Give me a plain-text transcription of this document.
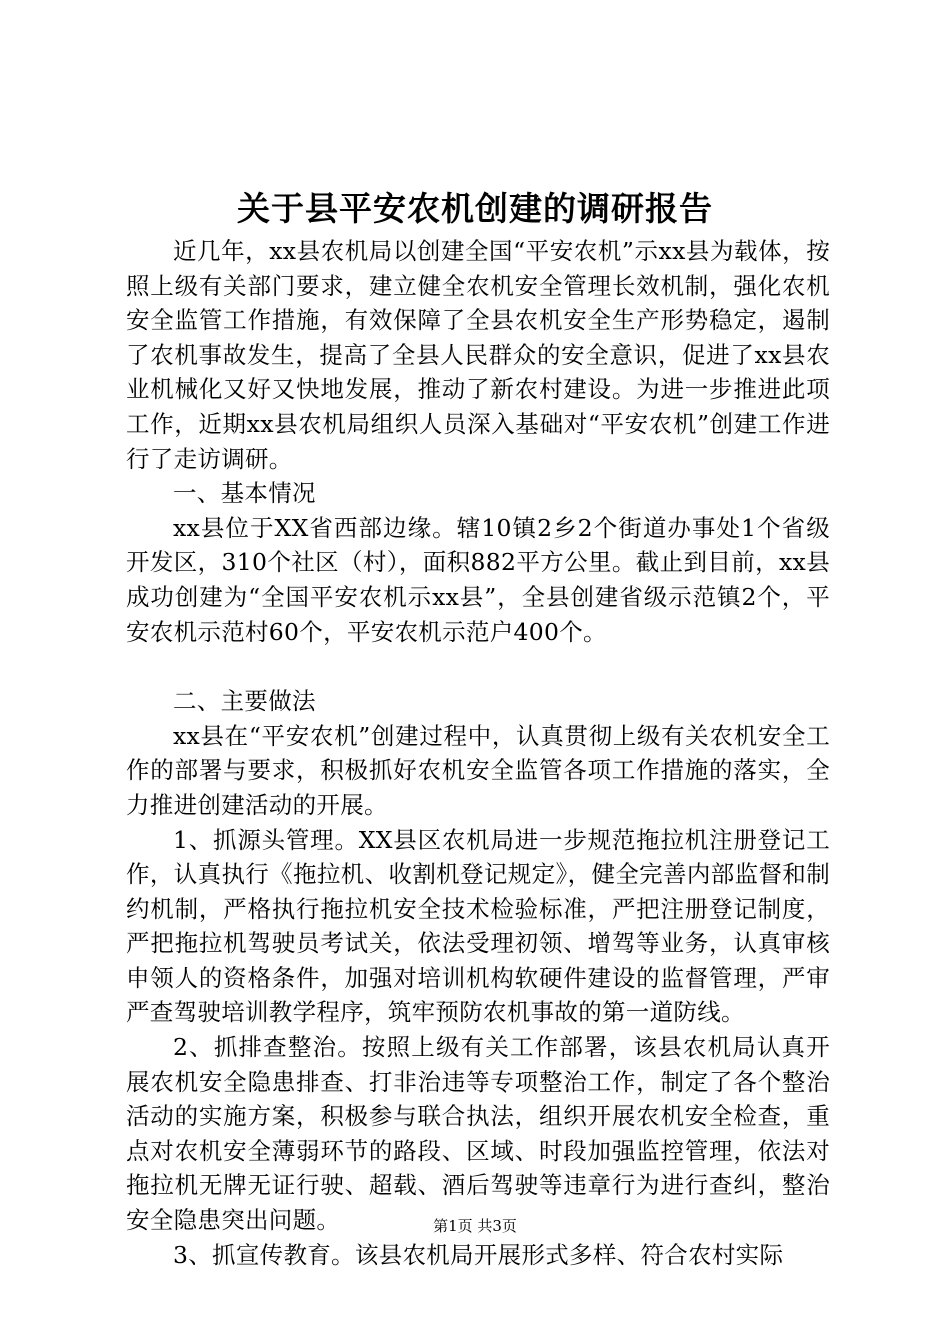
关于县平安农机创建的调研报告

近几年，xx县农机局以创建全国“平安农机”示xx县为载体，按照上级有关部门要求，建立健全农机安全管理长效机制，强化农机安全监管工作措施，有效保障了全县农机安全生产形势稳定，遏制了农机事故发生，提高了全县人民群众的安全意识，促进了xx县农业机械化又好又快地发展，推动了新农村建设。为进一步推进此项工作，近期xx县农机局组织人员深入基础对“平安农机”创建工作进行了走访调研。

一、基本情况

xx县位于XX省西部边缘。辖10镇2乡2个街道办事处1个省级开发区，310个社区（村），面积882平方公里。截止到目前，xx县成功创建为“全国平安农机示xx县”，全县创建省级示范镇2个，平安农机示范村60个，平安农机示范户400个。

二、主要做法

xx县在“平安农机”创建过程中，认真贯彻上级有关农机安全工作的部署与要求，积极抓好农机安全监管各项工作措施的落实，全力推进创建活动的开展。

1、抓源头管理。XX县区农机局进一步规范拖拉机注册登记工作，认真执行《拖拉机、收割机登记规定》，健全完善内部监督和制约机制，严格执行拖拉机安全技术检验标准，严把注册登记制度，严把拖拉机驾驶员考试关，依法受理初领、增驾等业务，认真审核申领人的资格条件，加强对培训机构软硬件建设的监督管理，严审严查驾驶培训教学程序，筑牢预防农机事故的第一道防线。

2、抓排查整治。按照上级有关工作部署，该县农机局认真开展农机安全隐患排查、打非治违等专项整治工作，制定了各个整治活动的实施方案，积极参与联合执法，组织开展农机安全检查，重点对农机安全薄弱环节的路段、区域、时段加强监控管理，依法对拖拉机无牌无证行驶、超载、酒后驾驶等违章行为进行查纠，整治安全隐患突出问题。

3、抓宣传教育。该县农机局开展形式多样、符合农村实际

第1页 共3页
